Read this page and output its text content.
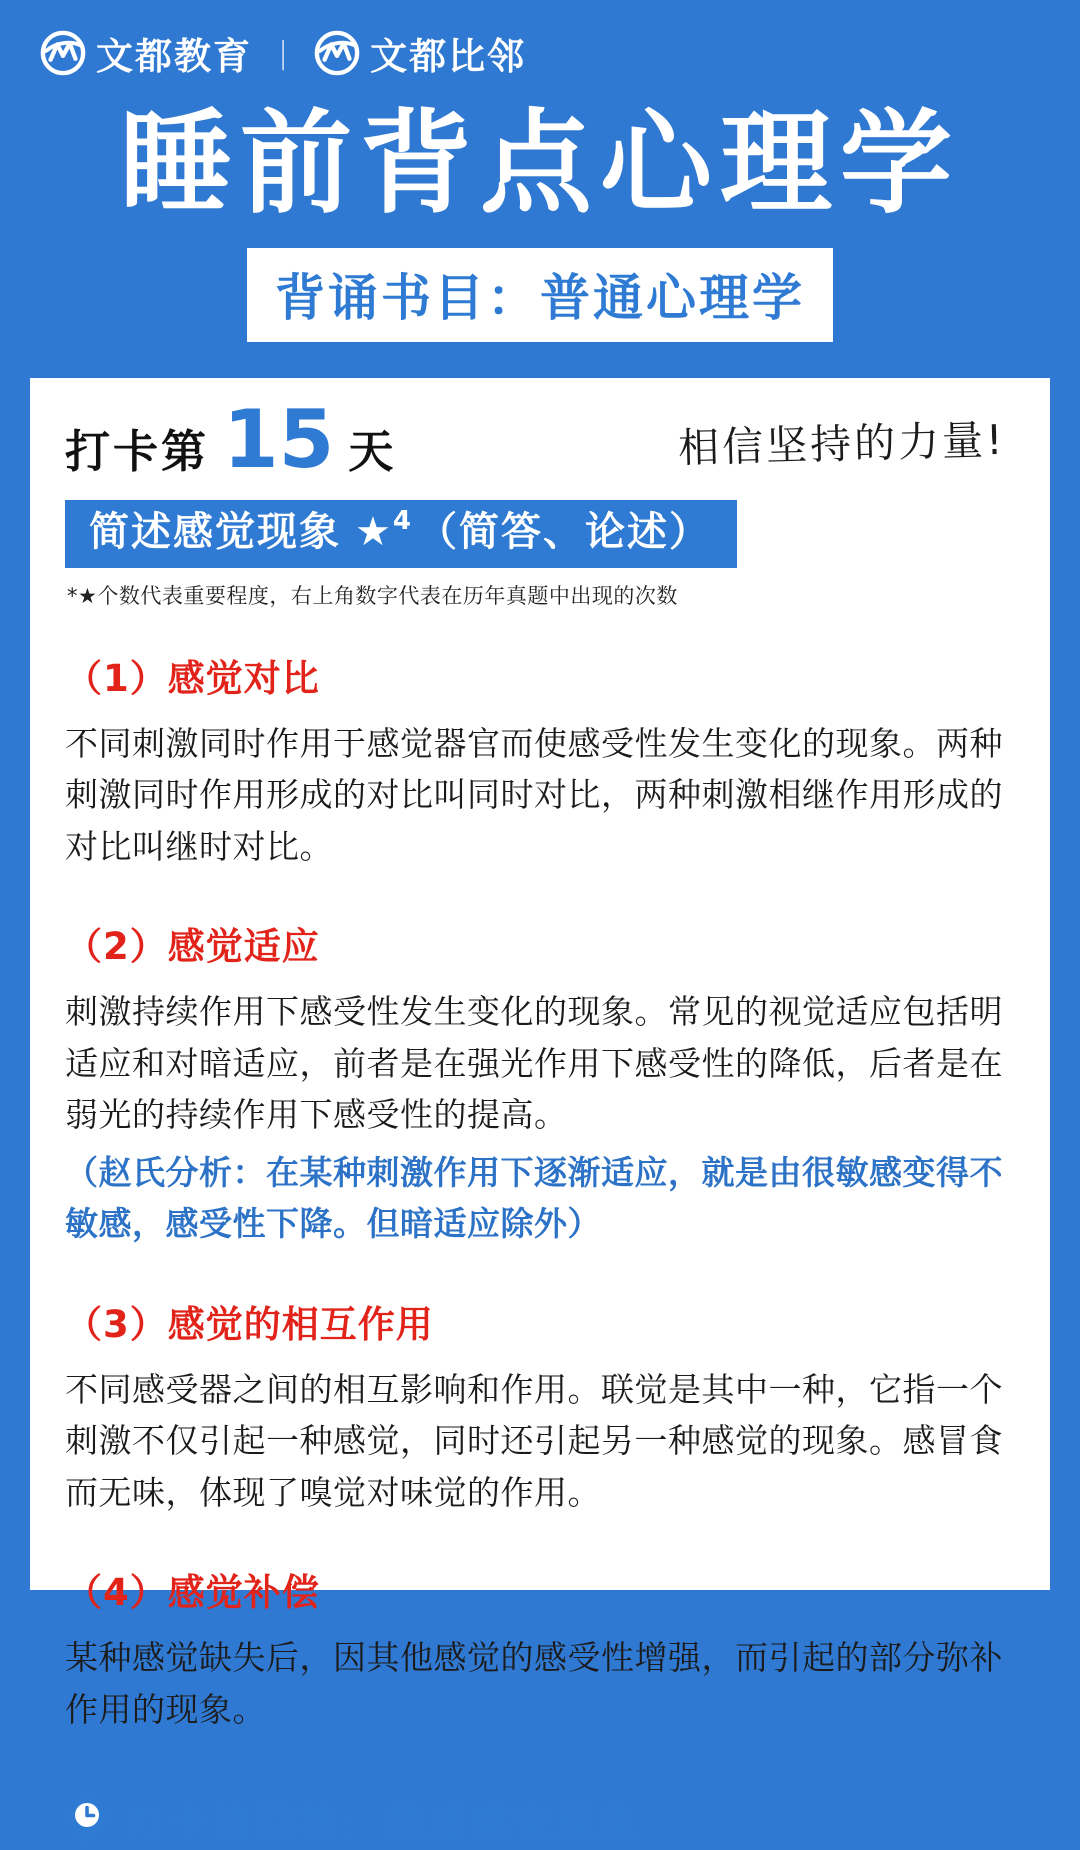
文都教育 | 文都比邻
睡前背点心理学
背诵书目：普通心理学
打卡第 15 天	相信坚持的力量!
简述感觉现象 ★$^4$ （简答、论述）
*★个数代表重要程度，右上角数字代表在历年真题中出现的次数
（1）感觉对比

不同刺激同时作用于感觉器官而使感受性发生变化的现象。两种刺激同时作用形成的对比叫同时对比，两种刺激相继作用形成的对比叫继时对比。

（2）感觉适应

刺激持续作用下感受性发生变化的现象。常见的视觉适应包括明适应和对暗适应，前者是在强光作用下感受性的降低，后者是在弱光的持续作用下感受性的提高。

（赵氏分析：在某种刺激作用下逐渐适应，就是由很敏感变得不敏感，感受性下降。但暗适应除外）

（3）感觉的相互作用

不同感受器之间的相互影响和作用。联觉是其中一种，它指一个刺激不仅引起一种感觉，同时还引起另一种感觉的现象。感冒食而无味，体现了嗅觉对味觉的作用。

（4）感觉补偿

某种感觉缺失后，因其他感觉的感受性增强，而引起的部分弥补作用的现象。

打卡请回答：简述感觉现象
